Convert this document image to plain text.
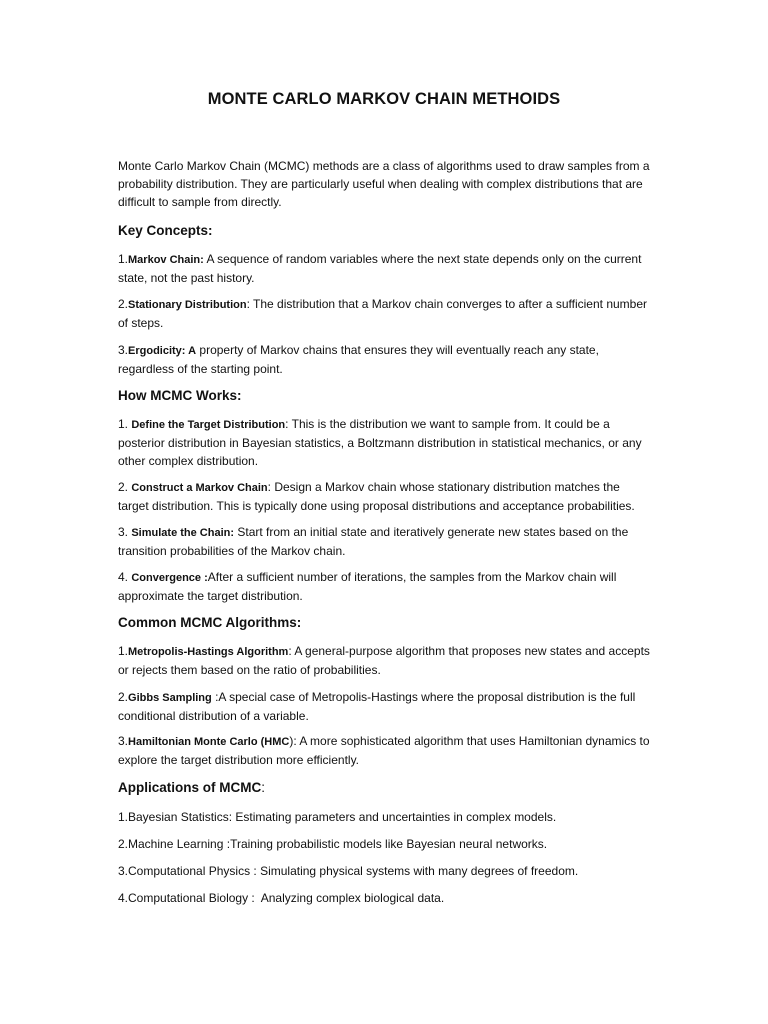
MONTE CARLO MARKOV CHAIN METHOIDS
Monte Carlo Markov Chain (MCMC) methods are a class of algorithms used to draw samples from a probability distribution. They are particularly useful when dealing with complex distributions that are difficult to sample from directly.
Key Concepts:
1.Markov Chain: A sequence of random variables where the next state depends only on the current state, not the past history.
2.Stationary Distribution: The distribution that a Markov chain converges to after a sufficient number of steps.
3.Ergodicity: A property of Markov chains that ensures they will eventually reach any state, regardless of the starting point.
How MCMC Works:
1. Define the Target Distribution: This is the distribution we want to sample from. It could be a posterior distribution in Bayesian statistics, a Boltzmann distribution in statistical mechanics, or any other complex distribution.
2. Construct a Markov Chain: Design a Markov chain whose stationary distribution matches the target distribution. This is typically done using proposal distributions and acceptance probabilities.
3. Simulate the Chain: Start from an initial state and iteratively generate new states based on the transition probabilities of the Markov chain.
4. Convergence :After a sufficient number of iterations, the samples from the Markov chain will approximate the target distribution.
Common MCMC Algorithms:
1.Metropolis-Hastings Algorithm: A general-purpose algorithm that proposes new states and accepts or rejects them based on the ratio of probabilities.
2.Gibbs Sampling :A special case of Metropolis-Hastings where the proposal distribution is the full conditional distribution of a variable.
3.Hamiltonian Monte Carlo (HMC): A more sophisticated algorithm that uses Hamiltonian dynamics to explore the target distribution more efficiently.
Applications of MCMC:
1.Bayesian Statistics: Estimating parameters and uncertainties in complex models.
2.Machine Learning :Training probabilistic models like Bayesian neural networks.
3.Computational Physics : Simulating physical systems with many degrees of freedom.
4.Computational Biology :  Analyzing complex biological data.
